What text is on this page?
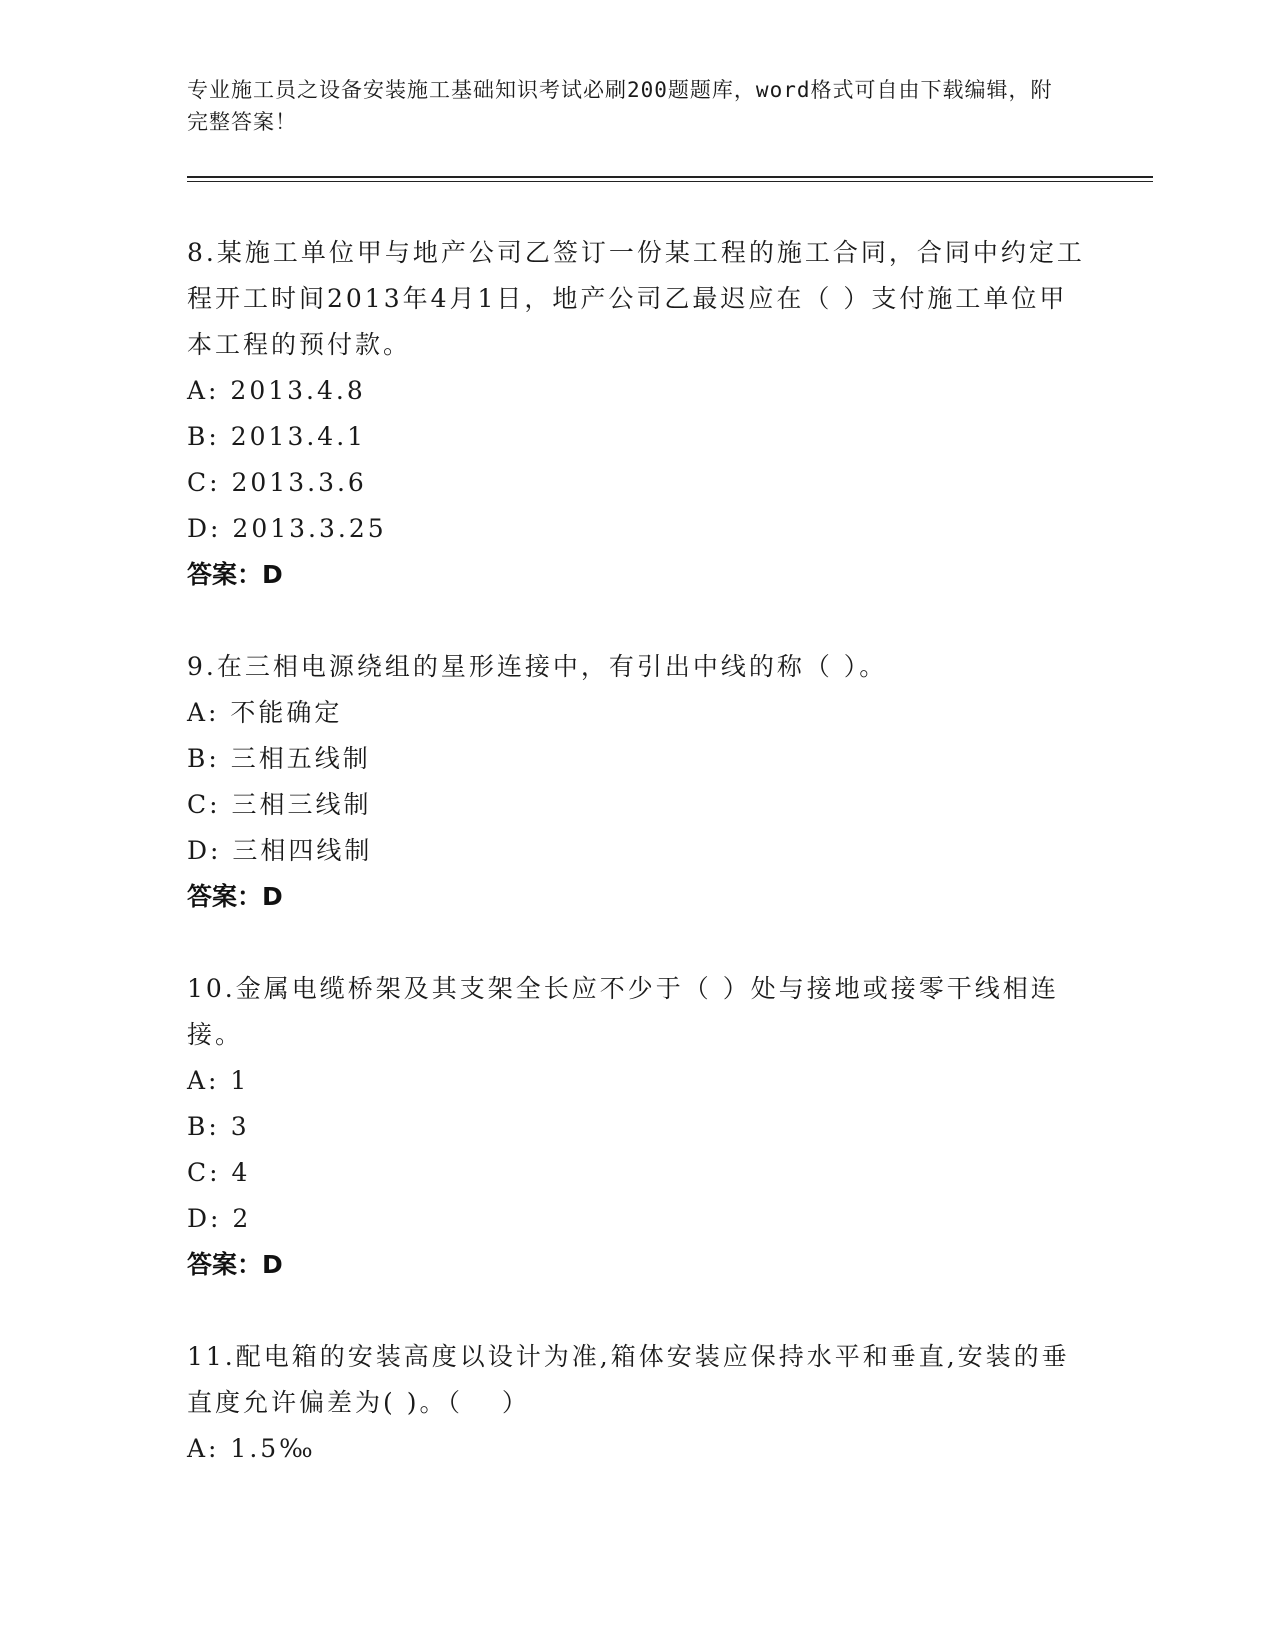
专业施工员之设备安装施工基础知识考试必刷200题题库，word格式可自由下载编辑，附完整答案！

8.某施工单位甲与地产公司乙签订一份某工程的施工合同，合同中约定工程开工时间2013年4月1日，地产公司乙最迟应在（ ）支付施工单位甲本工程的预付款。

A: 2013.4.8

B: 2013.4.1

C: 2013.3.6

D: 2013.3.25

答案：D

9.在三相电源绕组的星形连接中，有引出中线的称（ ）。

A: 不能确定

B: 三相五线制

C: 三相三线制

D: 三相四线制

答案：D

10.金属电缆桥架及其支架全长应不少于（ ）处与接地或接零干线相连接。

A: 1

B: 3

C: 4

D: 2

答案：D

11.配电箱的安装高度以设计为准,箱体安装应保持水平和垂直,安装的垂直度允许偏差为( )。（　 ）

A: 1.5‰
